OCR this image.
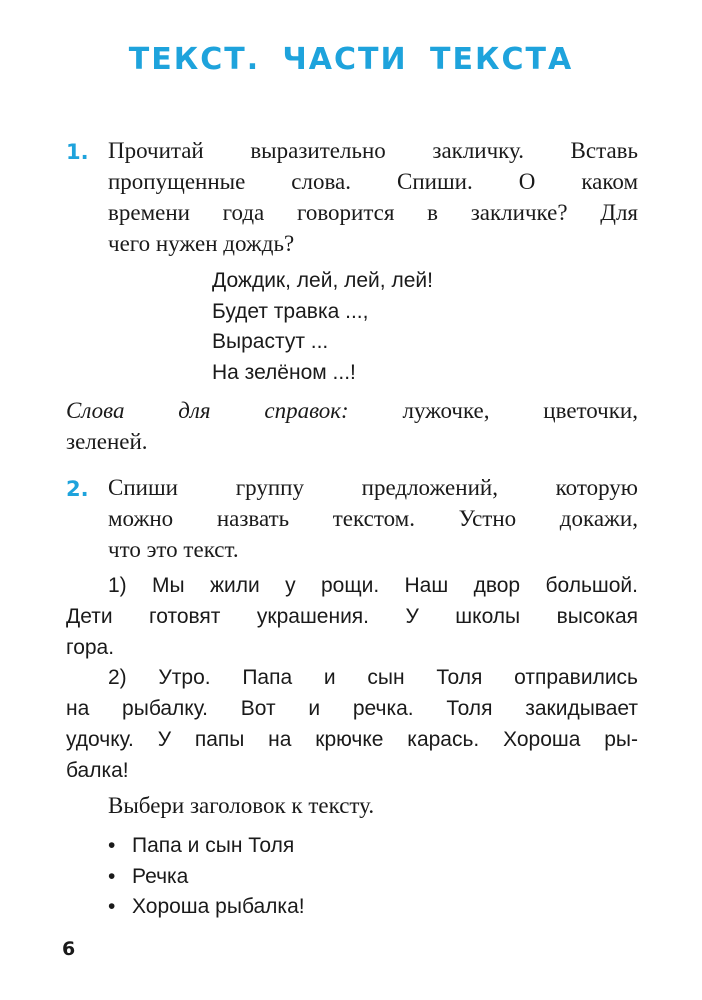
ТЕКСТ. ЧАСТИ ТЕКСТА
1. Прочитай выразительно закличку. Вставь
пропущенные слова. Спиши. О каком
времени года говорится в закличке? Для
чего нужен дождь?
Дождик, лей, лей, лей!
Будет травка ...,
Вырастут ...
На зелёном ...!
Слова для справок: лужочке, цветочки,
зеленей.
2. Спиши группу предложений, которую
можно назвать текстом. Устно докажи,
что это текст.
1) Мы жили у рощи. Наш двор большой.
Дети готовят украшения. У школы высокая
гора.
2) Утро. Папа и сын Толя отправились
на рыбалку. Вот и речка. Толя закидывает
удочку. У папы на крючке карась. Хороша ры-
балка!
Выбери заголовок к тексту.
• Папа и сын Толя
• Речка
• Хороша рыбалка!
6
